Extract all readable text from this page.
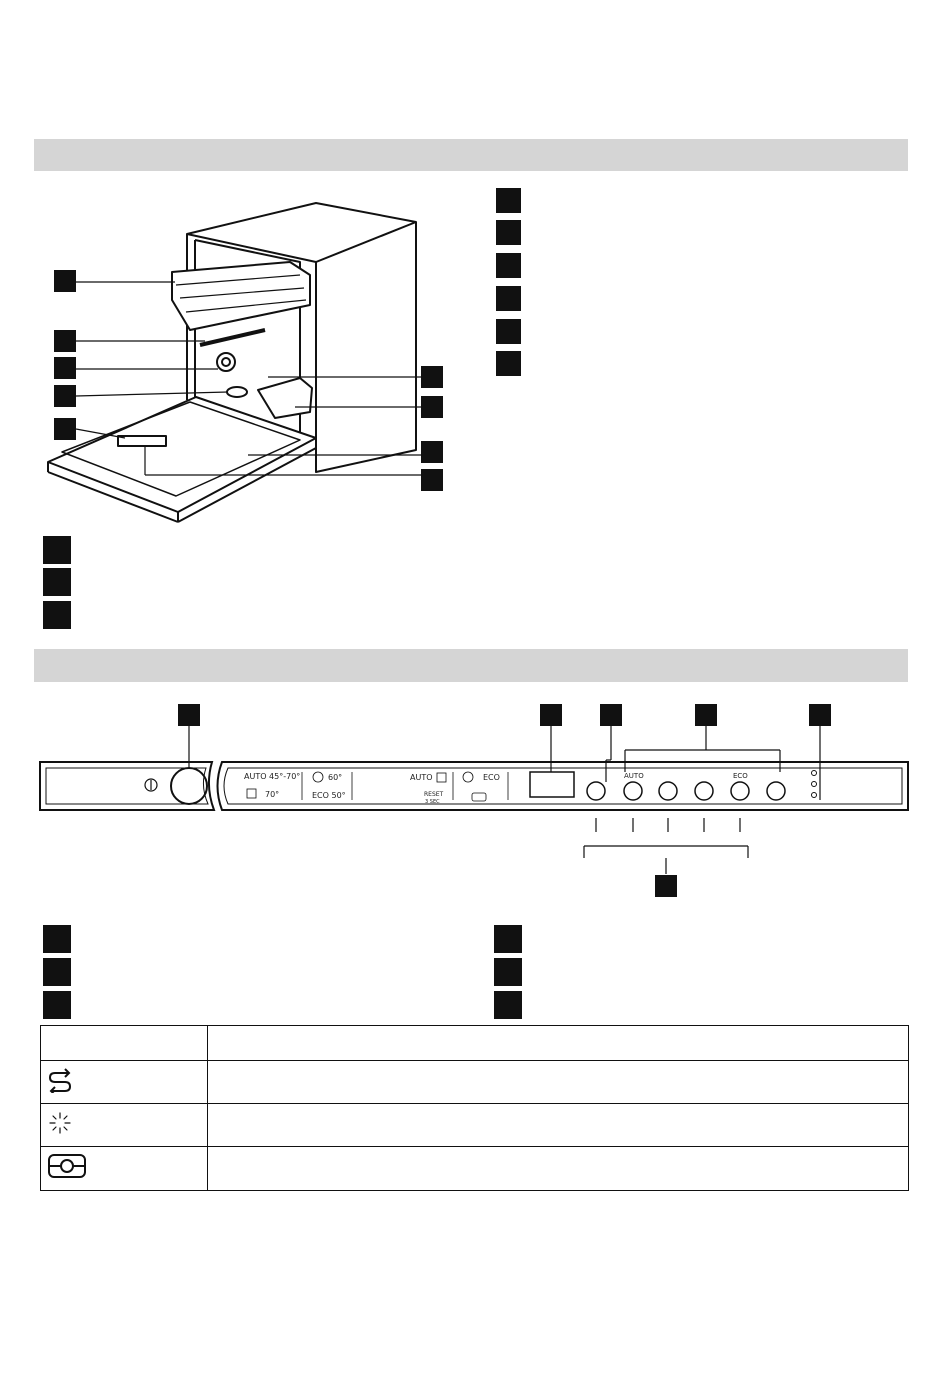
AUTO 45°-70°
70°
60°
ECO 50°
AUTO	ECO
RESET
3 SEC
AUTO	ECO
